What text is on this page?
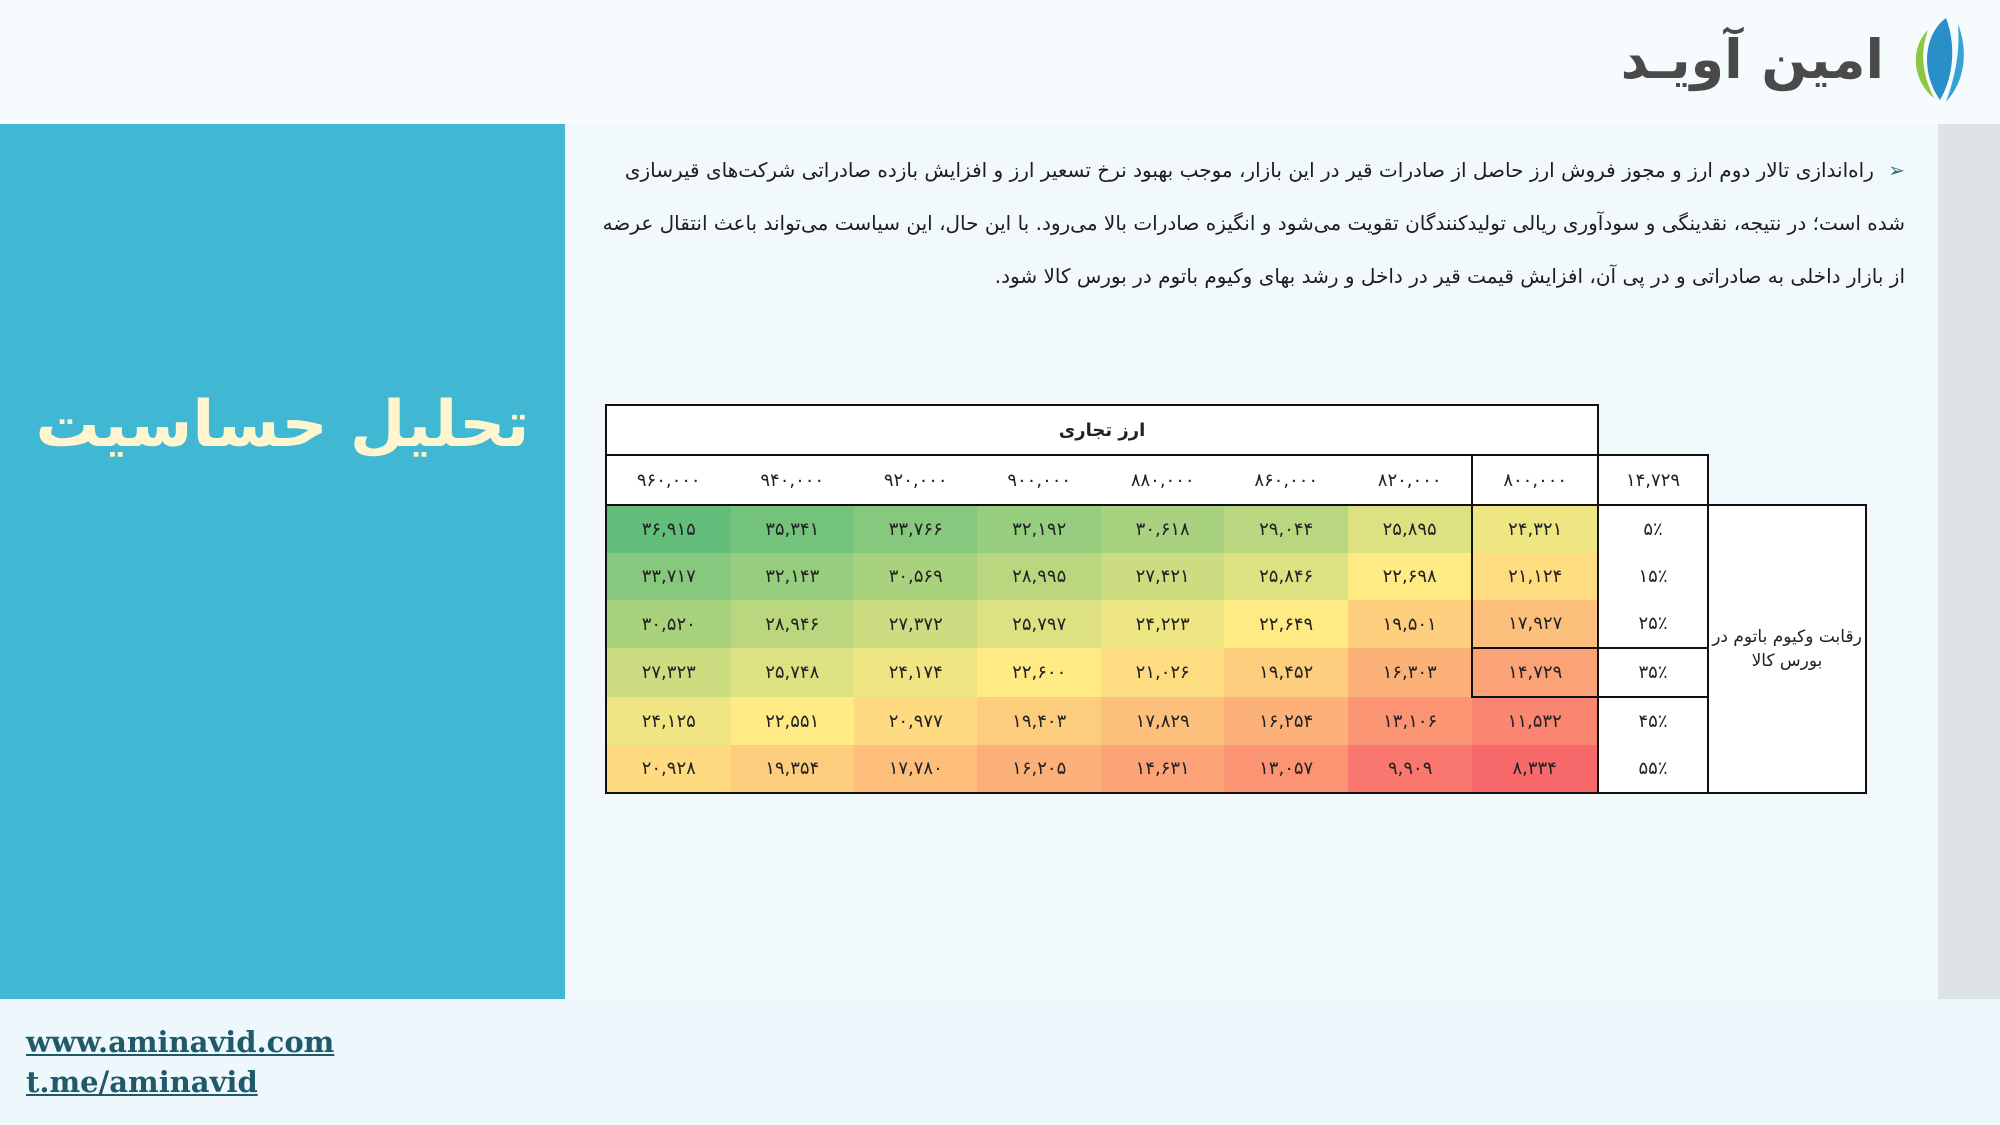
امین آویـد
تحلیل حساسیت
➢ راه‌اندازی تالار دوم ارز و مجوز فروش ارز حاصل از صادرات قیر در این بازار، موجب بهبود نرخ تسعیر ارز و افزایش بازده صادراتی شرکت‌های قیرسازی شده است؛ در نتیجه، نقدینگی و سودآوری ریالی تولیدکنندگان تقویت می‌شود و انگیزه صادرات بالا می‌رود. با این حال، این سیاست می‌تواند باعث انتقال عرضه از بازار داخلی به صادراتی و در پی آن، افزایش قیمت قیر در داخل و رشد بهای وکیوم باتوم در بورس کالا شود.
ارز تجاری									
۹۶۰,۰۰۰	۹۴۰,۰۰۰	۹۲۰,۰۰۰	۹۰۰,۰۰۰	۸۸۰,۰۰۰	۸۶۰,۰۰۰	۸۲۰,۰۰۰	۸۰۰,۰۰۰	۱۴,۷۲۹	
۳۶,۹۱۵	۳۵,۳۴۱	۳۳,۷۶۶	۳۲,۱۹۲	۳۰,۶۱۸	۲۹,۰۴۴	۲۵,۸۹۵	۲۴,۳۲۱	۵٪	رقابت وکیوم باتوم در بورس کالا
۳۳,۷۱۷	۳۲,۱۴۳	۳۰,۵۶۹	۲۸,۹۹۵	۲۷,۴۲۱	۲۵,۸۴۶	۲۲,۶۹۸	۲۱,۱۲۴	۱۵٪	
۳۰,۵۲۰	۲۸,۹۴۶	۲۷,۳۷۲	۲۵,۷۹۷	۲۴,۲۲۳	۲۲,۶۴۹	۱۹,۵۰۱	۱۷,۹۲۷	۲۵٪	
۲۷,۳۲۳	۲۵,۷۴۸	۲۴,۱۷۴	۲۲,۶۰۰	۲۱,۰۲۶	۱۹,۴۵۲	۱۶,۳۰۳	۱۴,۷۲۹	۳۵٪	
۲۴,۱۲۵	۲۲,۵۵۱	۲۰,۹۷۷	۱۹,۴۰۳	۱۷,۸۲۹	۱۶,۲۵۴	۱۳,۱۰۶	۱۱,۵۳۲	۴۵٪	
۲۰,۹۲۸	۱۹,۳۵۴	۱۷,۷۸۰	۱۶,۲۰۵	۱۴,۶۳۱	۱۳,۰۵۷	۹,۹۰۹	۸,۳۳۴	۵۵٪	
www.aminavid.com
t.me/aminavid
